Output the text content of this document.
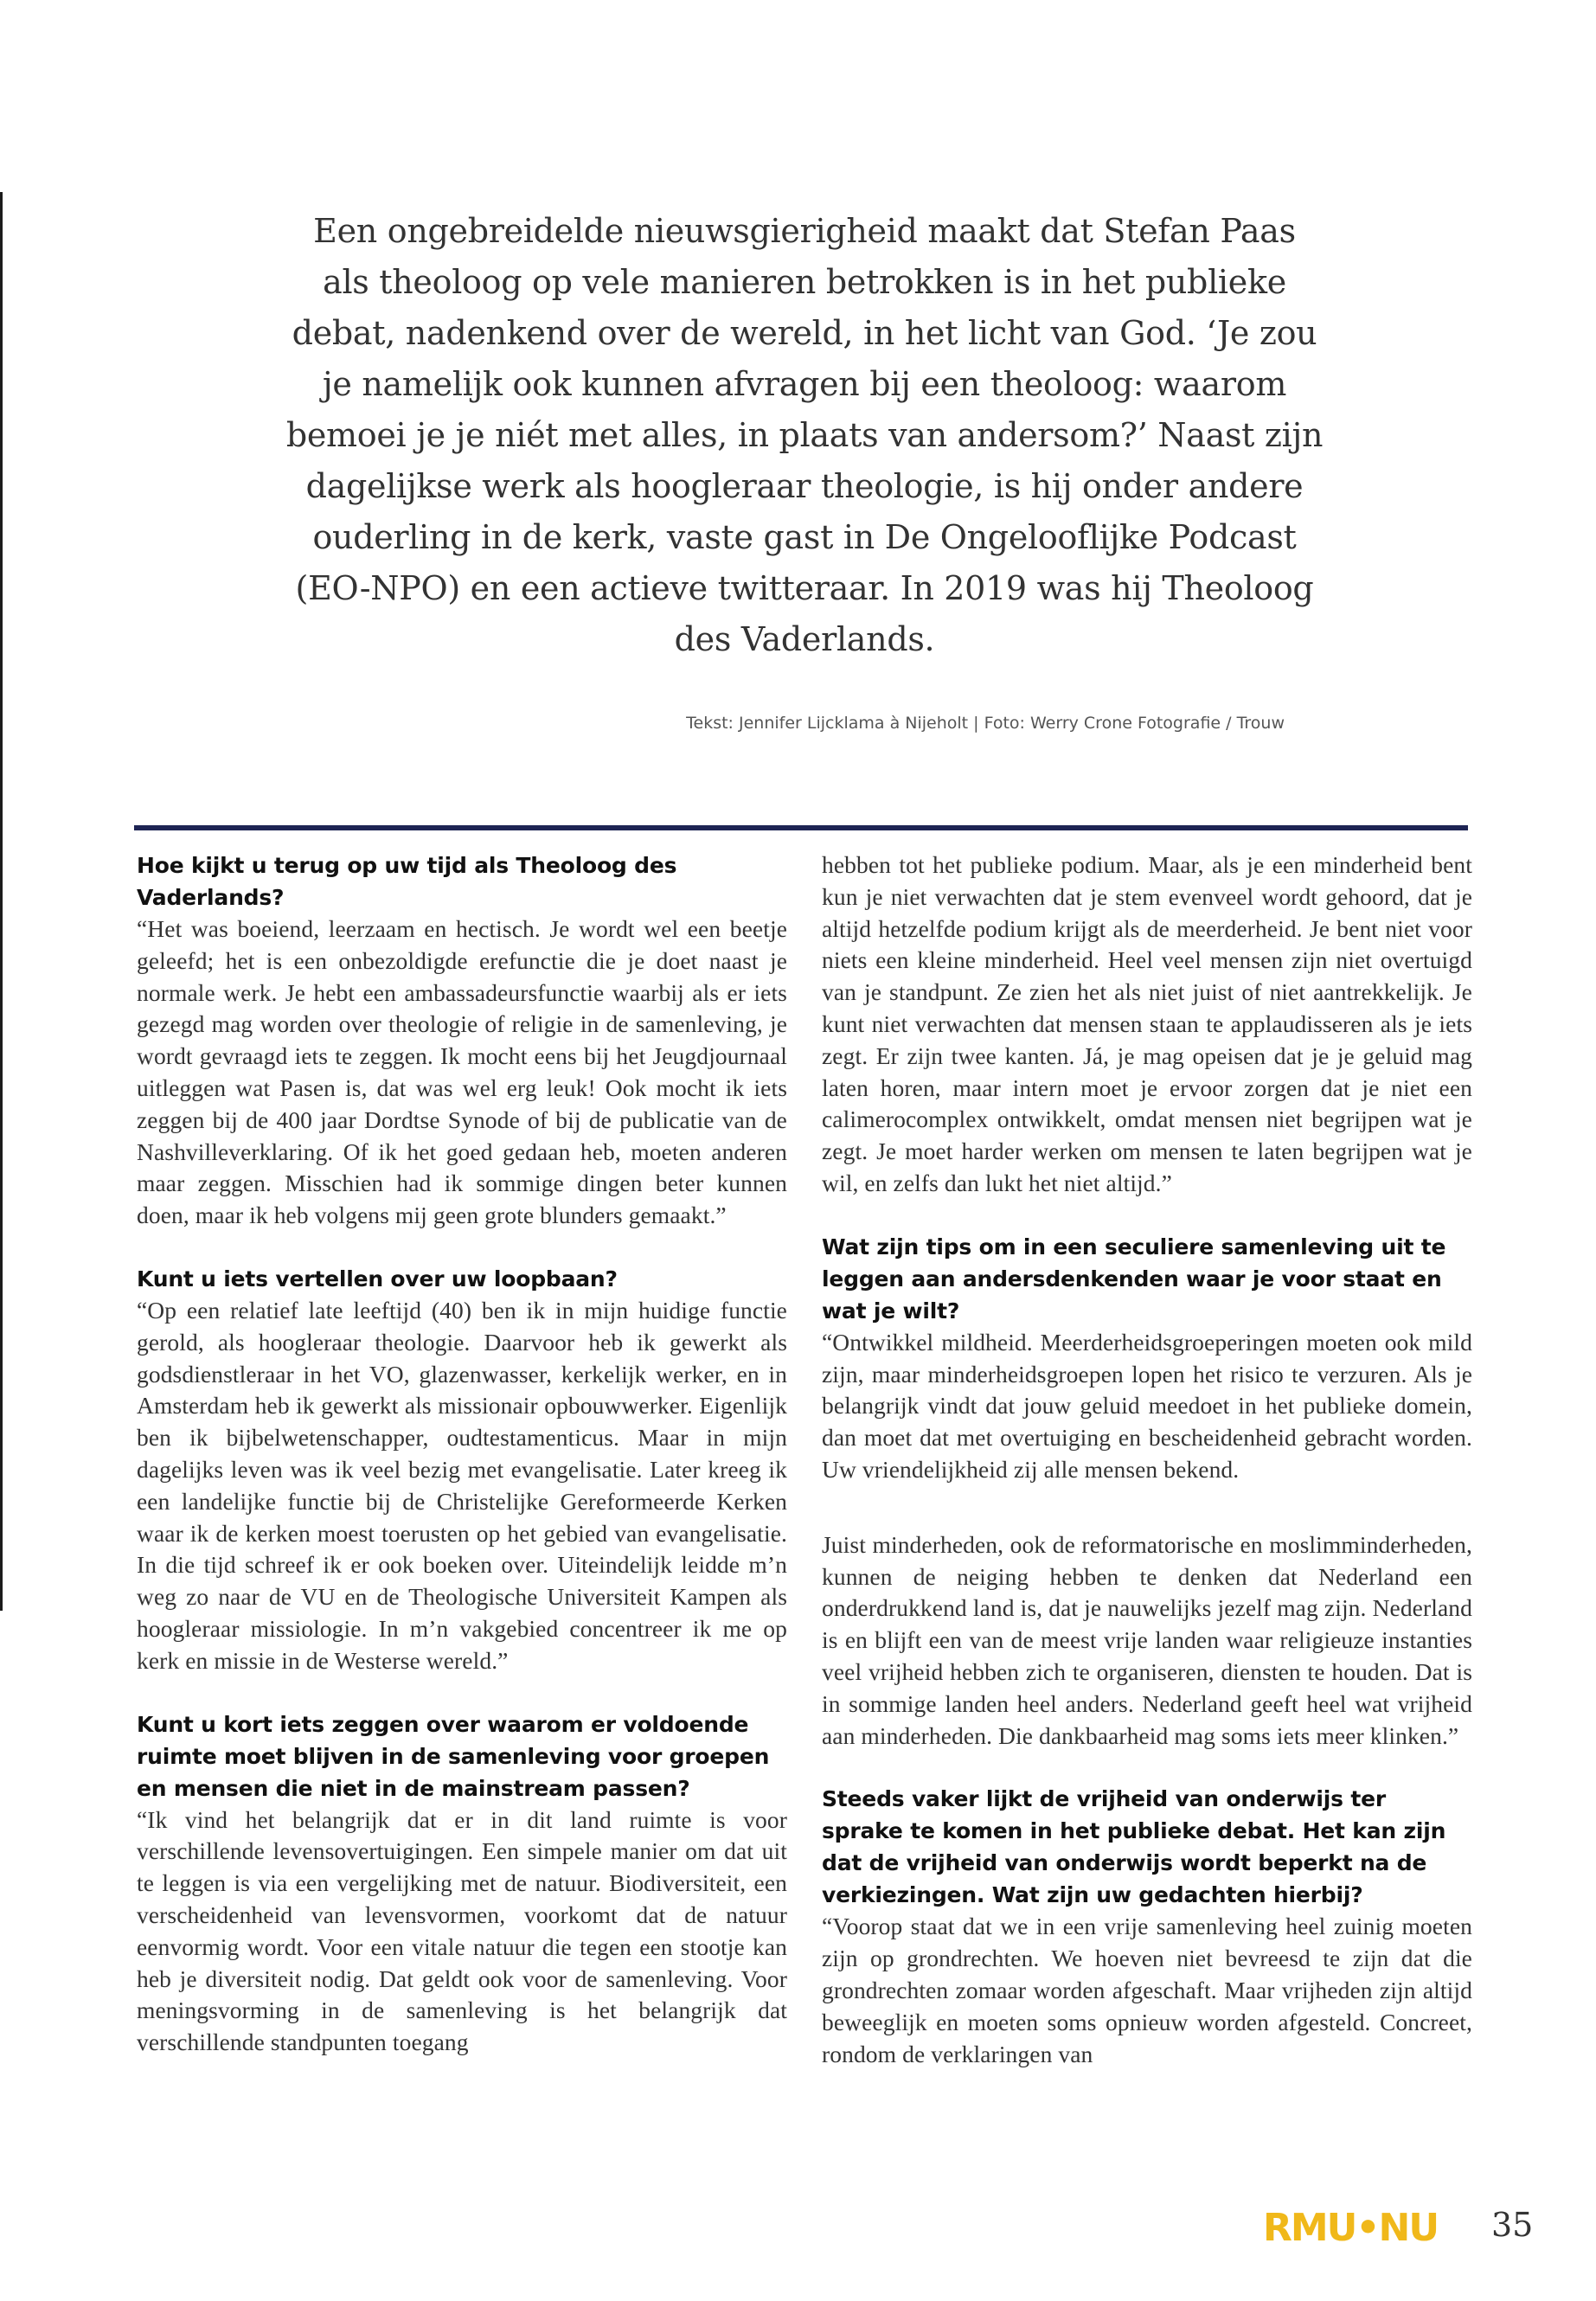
Een ongebreidelde nieuwsgierigheid maakt dat Stefan Paas als theoloog op vele manieren betrokken is in het publieke debat, nadenkend over de wereld, in het licht van God. ‘Je zou je namelijk ook kunnen afvragen bij een theoloog: waarom bemoei je je niét met alles, in plaats van andersom?’ Naast zijn dagelijkse werk als hoogleraar theologie, is hij onder andere ouderling in de kerk, vaste gast in De Ongelooflijke Podcast (EO-NPO) en een actieve twitteraar. In 2019 was hij Theoloog des Vaderlands.

Tekst: Jennifer Lijcklama à Nijeholt | Foto: Werry Crone Fotografie / Trouw
Hoe kijkt u terug op uw tijd als Theoloog des Vaderlands?

“Het was boeiend, leerzaam en hectisch. Je wordt wel een beetje geleefd; het is een onbezoldigde erefunctie die je doet naast je normale werk. Je hebt een ambassadeursfunctie waarbij als er iets gezegd mag worden over theologie of religie in de samenleving, je wordt gevraagd iets te zeggen. Ik mocht eens bij het Jeugdjournaal uitleggen wat Pasen is, dat was wel erg leuk! Ook mocht ik iets zeggen bij de 400 jaar Dordtse Synode of bij de publicatie van de Nashvilleverklaring. Of ik het goed gedaan heb, moeten anderen maar zeggen. Misschien had ik sommige dingen beter kunnen doen, maar ik heb volgens mij geen grote blunders gemaakt.”

Kunt u iets vertellen over uw loopbaan?

“Op een relatief late leeftijd (40) ben ik in mijn huidige functie gerold, als hoogleraar theologie. Daarvoor heb ik gewerkt als godsdienstleraar in het VO, glazenwasser, kerkelijk werker, en in Amsterdam heb ik gewerkt als missionair opbouwwerker. Eigenlijk ben ik bijbelwetenschapper, oudtestamenticus. Maar in mijn dagelijks leven was ik veel bezig met evangelisatie. Later kreeg ik een landelijke functie bij de Christelijke Gereformeerde Kerken waar ik de kerken moest toerusten op het gebied van evangelisatie. In die tijd schreef ik er ook boeken over. Uiteindelijk leidde m’n weg zo naar de VU en de Theologische Universiteit Kampen als hoogleraar missiologie. In m’n vakgebied concentreer ik me op kerk en missie in de Westerse wereld.”

Kunt u kort iets zeggen over waarom er voldoende ruimte moet blijven in de samenleving voor groepen en mensen die niet in de mainstream passen?

“Ik vind het belangrijk dat er in dit land ruimte is voor verschillende levensovertuigingen. Een simpele manier om dat uit te leggen is via een vergelijking met de natuur. Biodiversiteit, een verscheidenheid van levensvormen, voorkomt dat de natuur eenvormig wordt. Voor een vitale natuur die tegen een stootje kan heb je diversiteit nodig. Dat geldt ook voor de samenleving. Voor meningsvorming in de samenleving is het belangrijk dat verschillende standpunten toegang

hebben tot het publieke podium. Maar, als je een minderheid bent kun je niet verwachten dat je stem evenveel wordt gehoord, dat je altijd hetzelfde podium krijgt als de meerderheid. Je bent niet voor niets een kleine minderheid. Heel veel mensen zijn niet overtuigd van je standpunt. Ze zien het als niet juist of niet aantrekkelijk. Je kunt niet verwachten dat mensen staan te applaudisseren als je iets zegt. Er zijn twee kanten. Já, je mag opeisen dat je je geluid mag laten horen, maar intern moet je ervoor zorgen dat je niet een calimerocomplex ontwikkelt, omdat mensen niet begrijpen wat je zegt. Je moet harder werken om mensen te laten begrijpen wat je wil, en zelfs dan lukt het niet altijd.”

Wat zijn tips om in een seculiere samenleving uit te leggen aan andersdenkenden waar je voor staat en wat je wilt?

“Ontwikkel mildheid. Meerderheidsgroeperingen moeten ook mild zijn, maar minderheidsgroepen lopen het risico te verzuren. Als je belangrijk vindt dat jouw geluid meedoet in het publieke domein, dan moet dat met overtuiging en bescheidenheid gebracht worden. Uw vriendelijkheid zij alle mensen bekend.

Juist minderheden, ook de reformatorische en moslimminderheden, kunnen de neiging hebben te denken dat Nederland een onderdrukkend land is, dat je nauwelijks jezelf mag zijn. Nederland is en blijft een van de meest vrije landen waar religieuze instanties veel vrijheid hebben zich te organiseren, diensten te houden. Dat is in sommige landen heel anders. Nederland geeft heel wat vrijheid aan minderheden. Die dankbaarheid mag soms iets meer klinken.”

Steeds vaker lijkt de vrijheid van onderwijs ter sprake te komen in het publieke debat. Het kan zijn dat de vrijheid van onderwijs wordt beperkt na de verkiezingen. Wat zijn uw gedachten hierbij?

“Voorop staat dat we in een vrije samenleving heel zuinig moeten zijn op grondrechten. We hoeven niet bevreesd te zijn dat die grondrechten zomaar worden afgeschaft. Maar vrijheden zijn altijd beweeglijk en moeten soms opnieuw worden afgesteld. Concreet, rondom de verklaringen van

RMU•NU 35
